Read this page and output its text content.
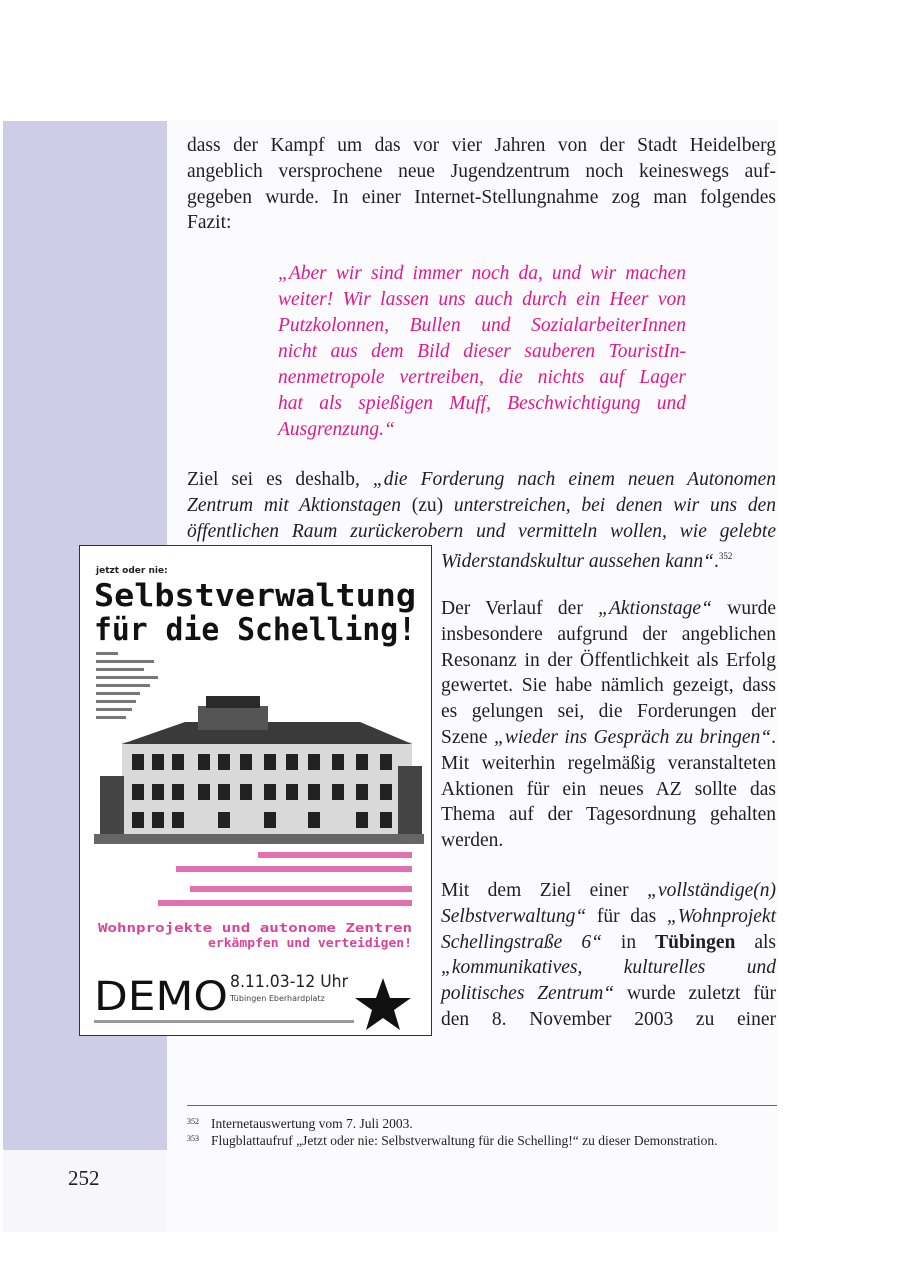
252
dass der Kampf um das vor vier Jahren von der Stadt Heidelberg
angeblich versprochene neue Jugendzentrum noch keineswegs auf-
gegeben wurde. In einer Internet-Stellungnahme zog man folgendes
Fazit:
„Aber wir sind immer noch da, und wir machen
weiter! Wir lassen uns auch durch ein Heer von
Putzkolonnen, Bullen und SozialarbeiterInnen
nicht aus dem Bild dieser sauberen TouristIn-
nenmetropole vertreiben, die nichts auf Lager
hat als spießigen Muff, Beschwichtigung und
Ausgrenzung.“
Ziel sei es deshalb, „die Forderung nach einem neuen Autonomen
Zentrum mit Aktionstagen (zu) unterstreichen, bei denen wir uns den
öffentlichen Raum zurückerobern und vermitteln wollen, wie gelebte
Widerstandskultur aussehen kann“.$^{352}$

Der Verlauf der „Aktionstage“ wurde insbesondere aufgrund der angeblichen Resonanz in der Öffentlichkeit als Erfolg gewertet. Sie habe nämlich gezeigt, dass es gelungen sei, die Forderungen der Szene „wieder ins Gespräch zu bringen“. Mit weiterhin regelmäßig veranstalteten Aktionen für ein neues AZ sollte das Thema auf der Tagesordnung gehalten werden.

Mit dem Ziel einer „vollständige(n) Selbstverwaltung“ für das „Wohnprojekt Schellingstraße 6“ in Tübingen als „kommunikatives, kulturelles und politisches Zentrum“ wurde zuletzt für den 8. November 2003 zu einer

jetzt oder nie:
Selbstverwaltung
für die Schelling!
Wohnprojekte und autonome Zentren
erkämpfen und verteidigen!
DEMO 8.11.03-12 Uhr
Tübingen Eberhardplatz
352 Internetauswertung vom 7. Juli 2003.
353 Flugblattaufruf „Jetzt oder nie: Selbstverwaltung für die Schelling!“ zu dieser Demonstration.
